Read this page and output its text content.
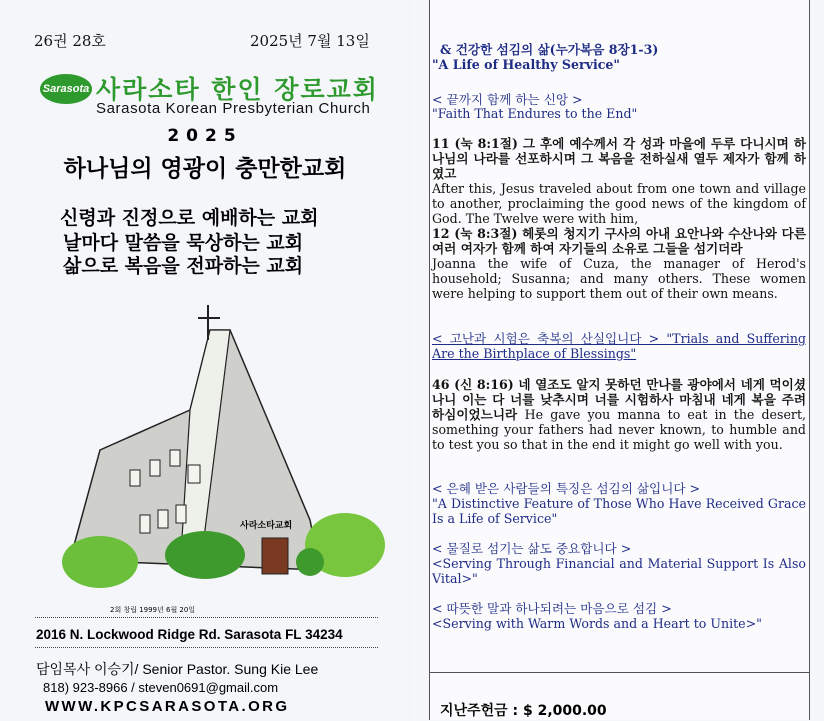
26권 28호	2025년 7월 13일
Sarasota 사라소타 한인 장로교회
Sarasota Korean Presbyterian Church
2025
하나님의 영광이 충만한교회
신령과 진정으로 예배하는 교회
날마다 말씀을 묵상하는 교회
삶으로 복음을 전파하는 교회
사라소타교회
2회 창립 1999년 6월 20일
2016 N. Lockwood Ridge Rd. Sarasota FL 34234
담임목사 이승기/ Senior Pastor. Sung Kie Lee
818) 923-8966 / steven0691@gmail.com
WWW.KPCSARASOTA.ORG
& 건강한 섬김의 삶(누가복음 8장1-3)
"A Life of Healthy Service"
< 끝까지 함께 하는 신앙 >
"Faith That Endures to the End"
11 (눅 8:1절) 그 후에 예수께서 각 성과 마을에 두루 다니시며 하나님의 나라를 선포하시며 그 복음을 전하실새 열두 제자가 함께 하였고
After this, Jesus traveled about from one town and village to another, proclaiming the good news of the kingdom of God. The Twelve were with him,
12 (눅 8:3절) 헤롯의 청지기 구사의 아내 요안나와 수산나와 다른 여러 여자가 함께 하여 자기들의 소유로 그들을 섬기더라
Joanna the wife of Cuza, the manager of Herod's household; Susanna; and many others. These women were helping to support them out of their own means.
< 고난과 시험은 축복의 산실입니다 > "Trials and Suffering Are the Birthplace of Blessings"
46 (신 8:16) 네 열조도 알지 못하던 만나를 광야에서 네게 먹이셨나니 이는 다 너를 낮추시며 너를 시험하사 마침내 네게 복을 주려 하심이었느니라 He gave you manna to eat in the desert, something your fathers had never known, to humble and to test you so that in the end it might go well with you.
< 은혜 받은 사람들의 특징은 섬김의 삶입니다 >
"A Distinctive Feature of Those Who Have Received Grace Is a Life of Service"
< 물질로 섬기는 삶도 중요합니다 >
<Serving Through Financial and Material Support Is Also Vital>"
< 따뜻한 말과 하나되려는 마음으로 섬김 >
<Serving with Warm Words and a Heart to Unite>"
지난주헌금 : $ 2,000.00
